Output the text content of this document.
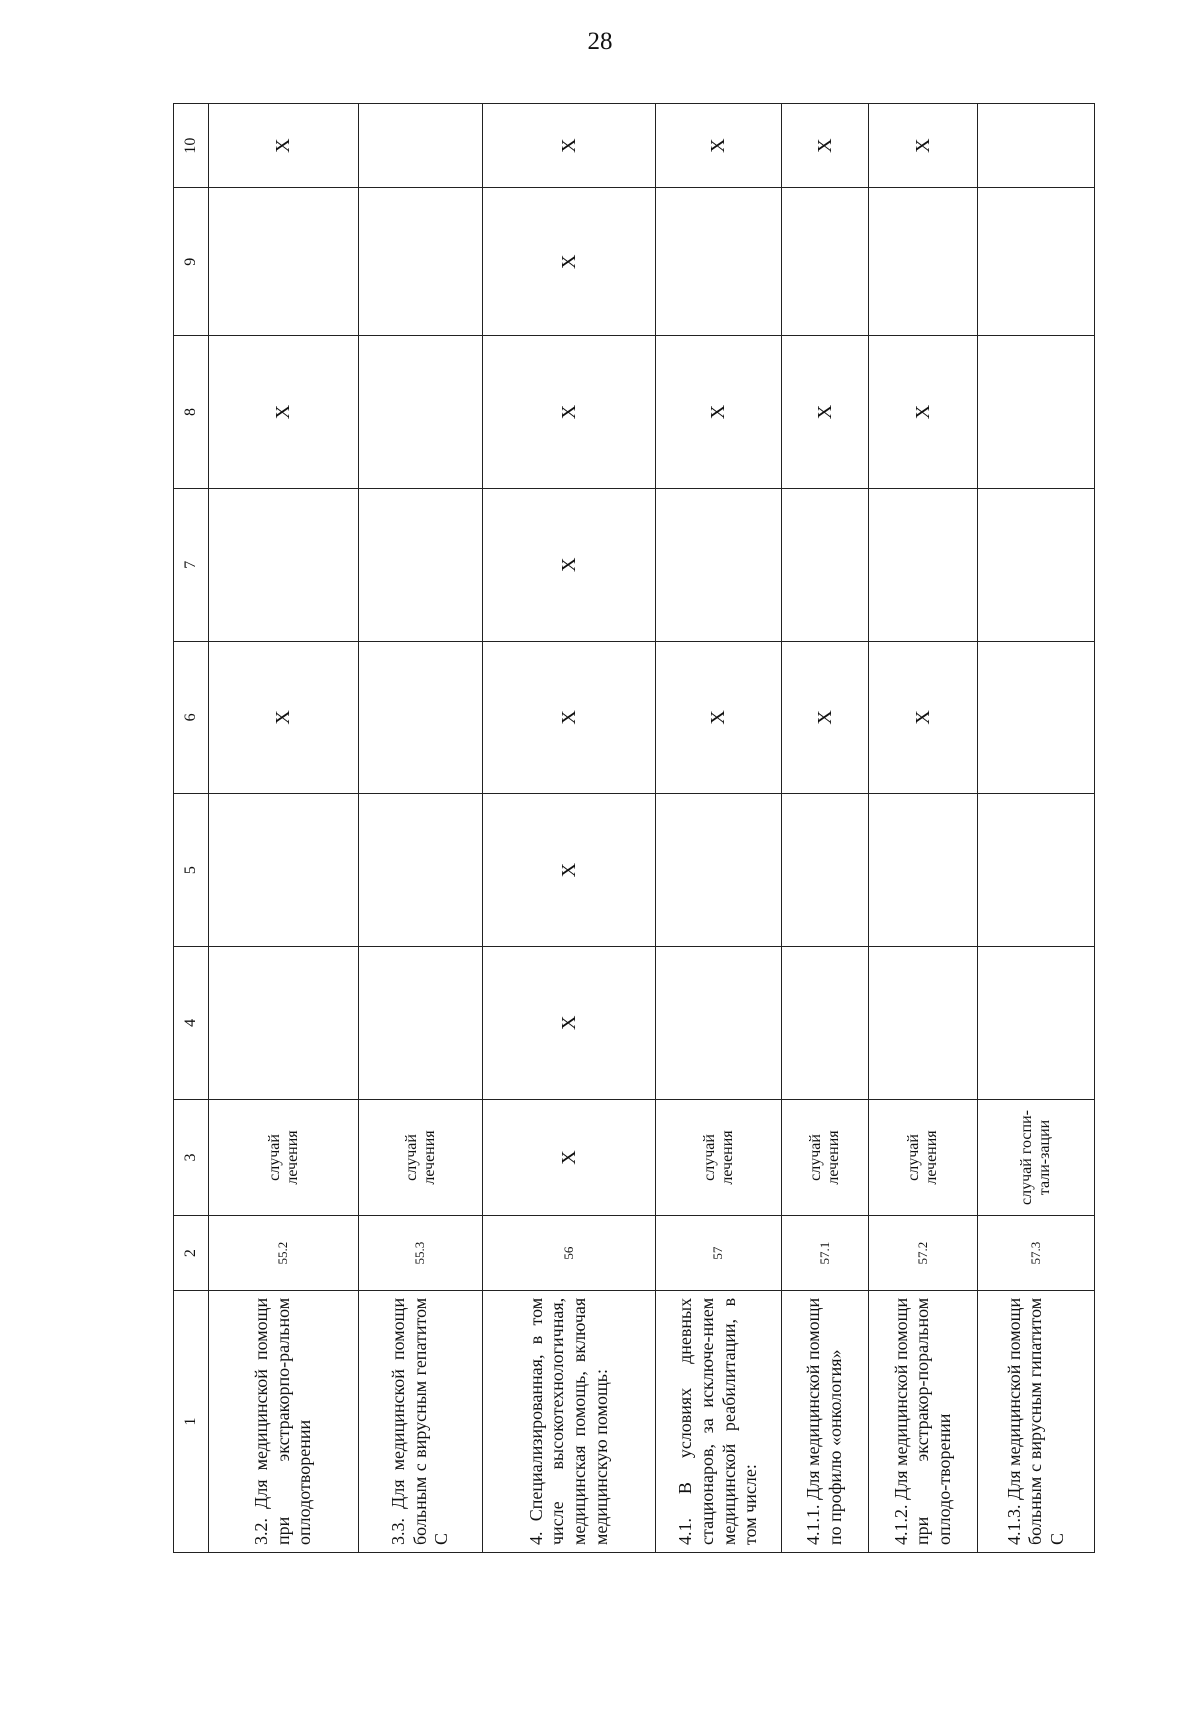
28
1	2	3	4	5	6	7	8	9	10
3.2. Для медицинской помощи при экстракорпо-ральном оплодотворении	55.2	случай лечения			X		X		X
3.3. Для медицинской помощи больным с вирусным гепатитом С	55.3	случай лечения							
4. Специализированная, в том числе высокотехнологичная, медицинская помощь, включая медицинскую помощь:	56	X	X	X	X	X	X	X	X
4.1. В условиях дневных стационаров, за исключе-нием медицинской реабилитации, в том числе:	57	случай лечения			X		X		X
4.1.1. Для медицинской помощи по профилю «онкология»	57.1	случай лечения			X		X		X
4.1.2. Для медицинской помощи при экстракор-поральном оплодо-творении	57.2	случай лечения			X		X		X
4.1.3. Для медицинской помощи больным с вирусным гипатитом С	57.3	случай госпи-тали-зации							
